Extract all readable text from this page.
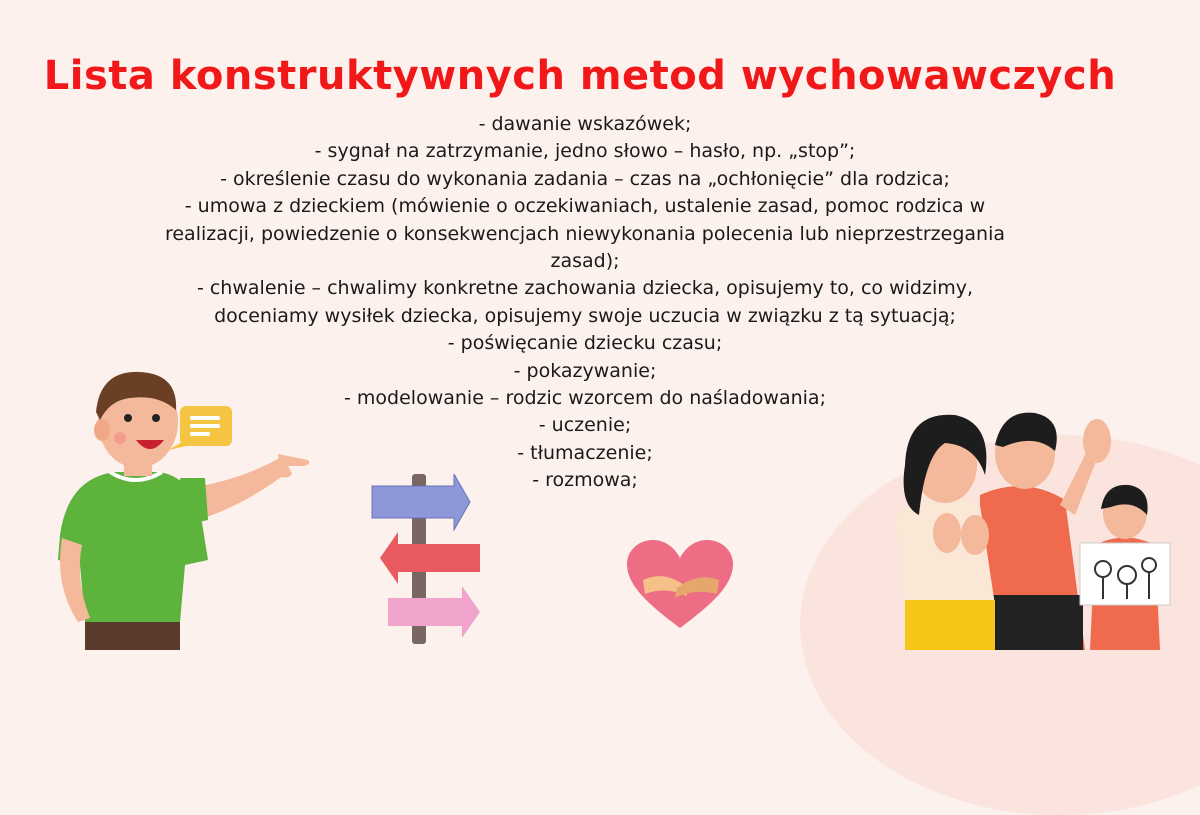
Lista konstruktywnych metod wychowawczych
- dawanie wskazówek;
- sygnał na zatrzymanie, jedno słowo – hasło, np. „stop”;
- określenie czasu do wykonania zadania – czas na „ochłonięcie” dla rodzica;
- umowa z dzieckiem (mówienie o oczekiwaniach, ustalenie zasad, pomoc rodzica w realizacji, powiedzenie o konsekwencjach niewykonania polecenia lub nieprzestrzegania zasad);
- chwalenie – chwalimy konkretne zachowania dziecka, opisujemy to, co widzimy, doceniamy wysiłek dziecka, opisujemy swoje uczucia w związku z tą sytuacją;
- poświęcanie dziecku czasu;
- pokazywanie;
- modelowanie – rodzic wzorcem do naśladowania;
- uczenie;
- tłumaczenie;
- rozmowa;
